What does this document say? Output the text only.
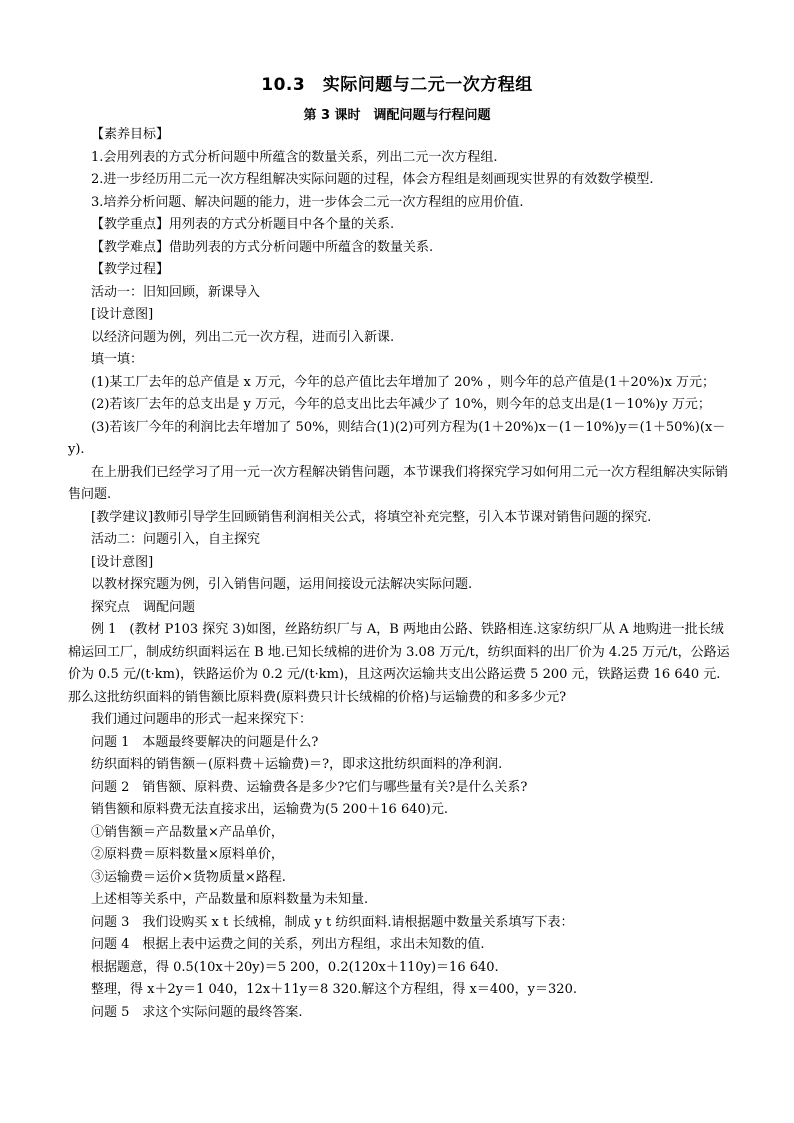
10.3　实际问题与二元一次方程组
第 3 课时　调配问题与行程问题

【素养目标】

1.会用列表的方式分析问题中所蕴含的数量关系，列出二元一次方程组.

2.进一步经历用二元一次方程组解决实际问题的过程，体会方程组是刻画现实世界的有效数学模型.

3.培养分析问题、解决问题的能力，进一步体会二元一次方程组的应用价值.

【教学重点】用列表的方式分析题目中各个量的关系.

【教学难点】借助列表的方式分析问题中所蕴含的数量关系.

【教学过程】

活动一：旧知回顾，新课导入

[设计意图]

以经济问题为例，列出二元一次方程，进而引入新课.

填一填：

(1)某工厂去年的总产值是 x 万元，今年的总产值比去年增加了 20% ，则今年的总产值是(1＋20%)x 万元；

(2)若该厂去年的总支出是 y 万元，今年的总支出比去年减少了 10%，则今年的总支出是(1－10%)y 万元；

(3)若该厂今年的利润比去年增加了 50%，则结合(1)(2)可列方程为(1＋20%)x－(1－10%)y＝(1＋50%)(x－y).

在上册我们已经学习了用一元一次方程解决销售问题，本节课我们将探究学习如何用二元一次方程组解决实际销售问题.

[教学建议]教师引导学生回顾销售利润相关公式，将填空补充完整，引入本节课对销售问题的探究.

活动二：问题引入，自主探究

[设计意图]

以教材探究题为例，引入销售问题，运用间接设元法解决实际问题.

探究点　调配问题

例 1　(教材 P103 探究 3)如图，丝路纺织厂与 A，B 两地由公路、铁路相连.这家纺织厂从 A 地购进一批长绒棉运回工厂，制成纺织面料运在 B 地.已知长绒棉的进价为 3.08 万元/t，纺织面料的出厂价为 4.25 万元/t，公路运价为 0.5 元/(t·km)，铁路运价为 0.2 元/(t·km)，且这两次运输共支出公路运费 5 200 元，铁路运费 16 640 元.那么这批纺织面料的销售额比原料费(原料费只计长绒棉的价格)与运输费的和多多少元?

我们通过问题串的形式一起来探究下：

问题 1　本题最终要解决的问题是什么?

纺织面料的销售额－(原料费＋运输费)＝?，即求这批纺织面料的净利润.

问题 2　销售额、原料费、运输费各是多少?它们与哪些量有关?是什么关系?

销售额和原料费无法直接求出，运输费为(5 200＋16 640)元.

①销售额＝产品数量×产品单价，

②原料费＝原料数量×原料单价，

③运输费＝运价×货物质量×路程.

上述相等关系中，产品数量和原料数量为未知量.

问题 3　我们设购买 x t 长绒棉，制成 y t 纺织面料.请根据题中数量关系填写下表：

问题 4　根据上表中运费之间的关系，列出方程组，求出未知数的值.

根据题意，得 0.5(10x＋20y)＝5 200，0.2(120x＋110y)＝16 640.

整理，得 x＋2y＝1 040，12x＋11y＝8 320.解这个方程组，得 x＝400，y＝320.

问题 5　求这个实际问题的最终答案.
